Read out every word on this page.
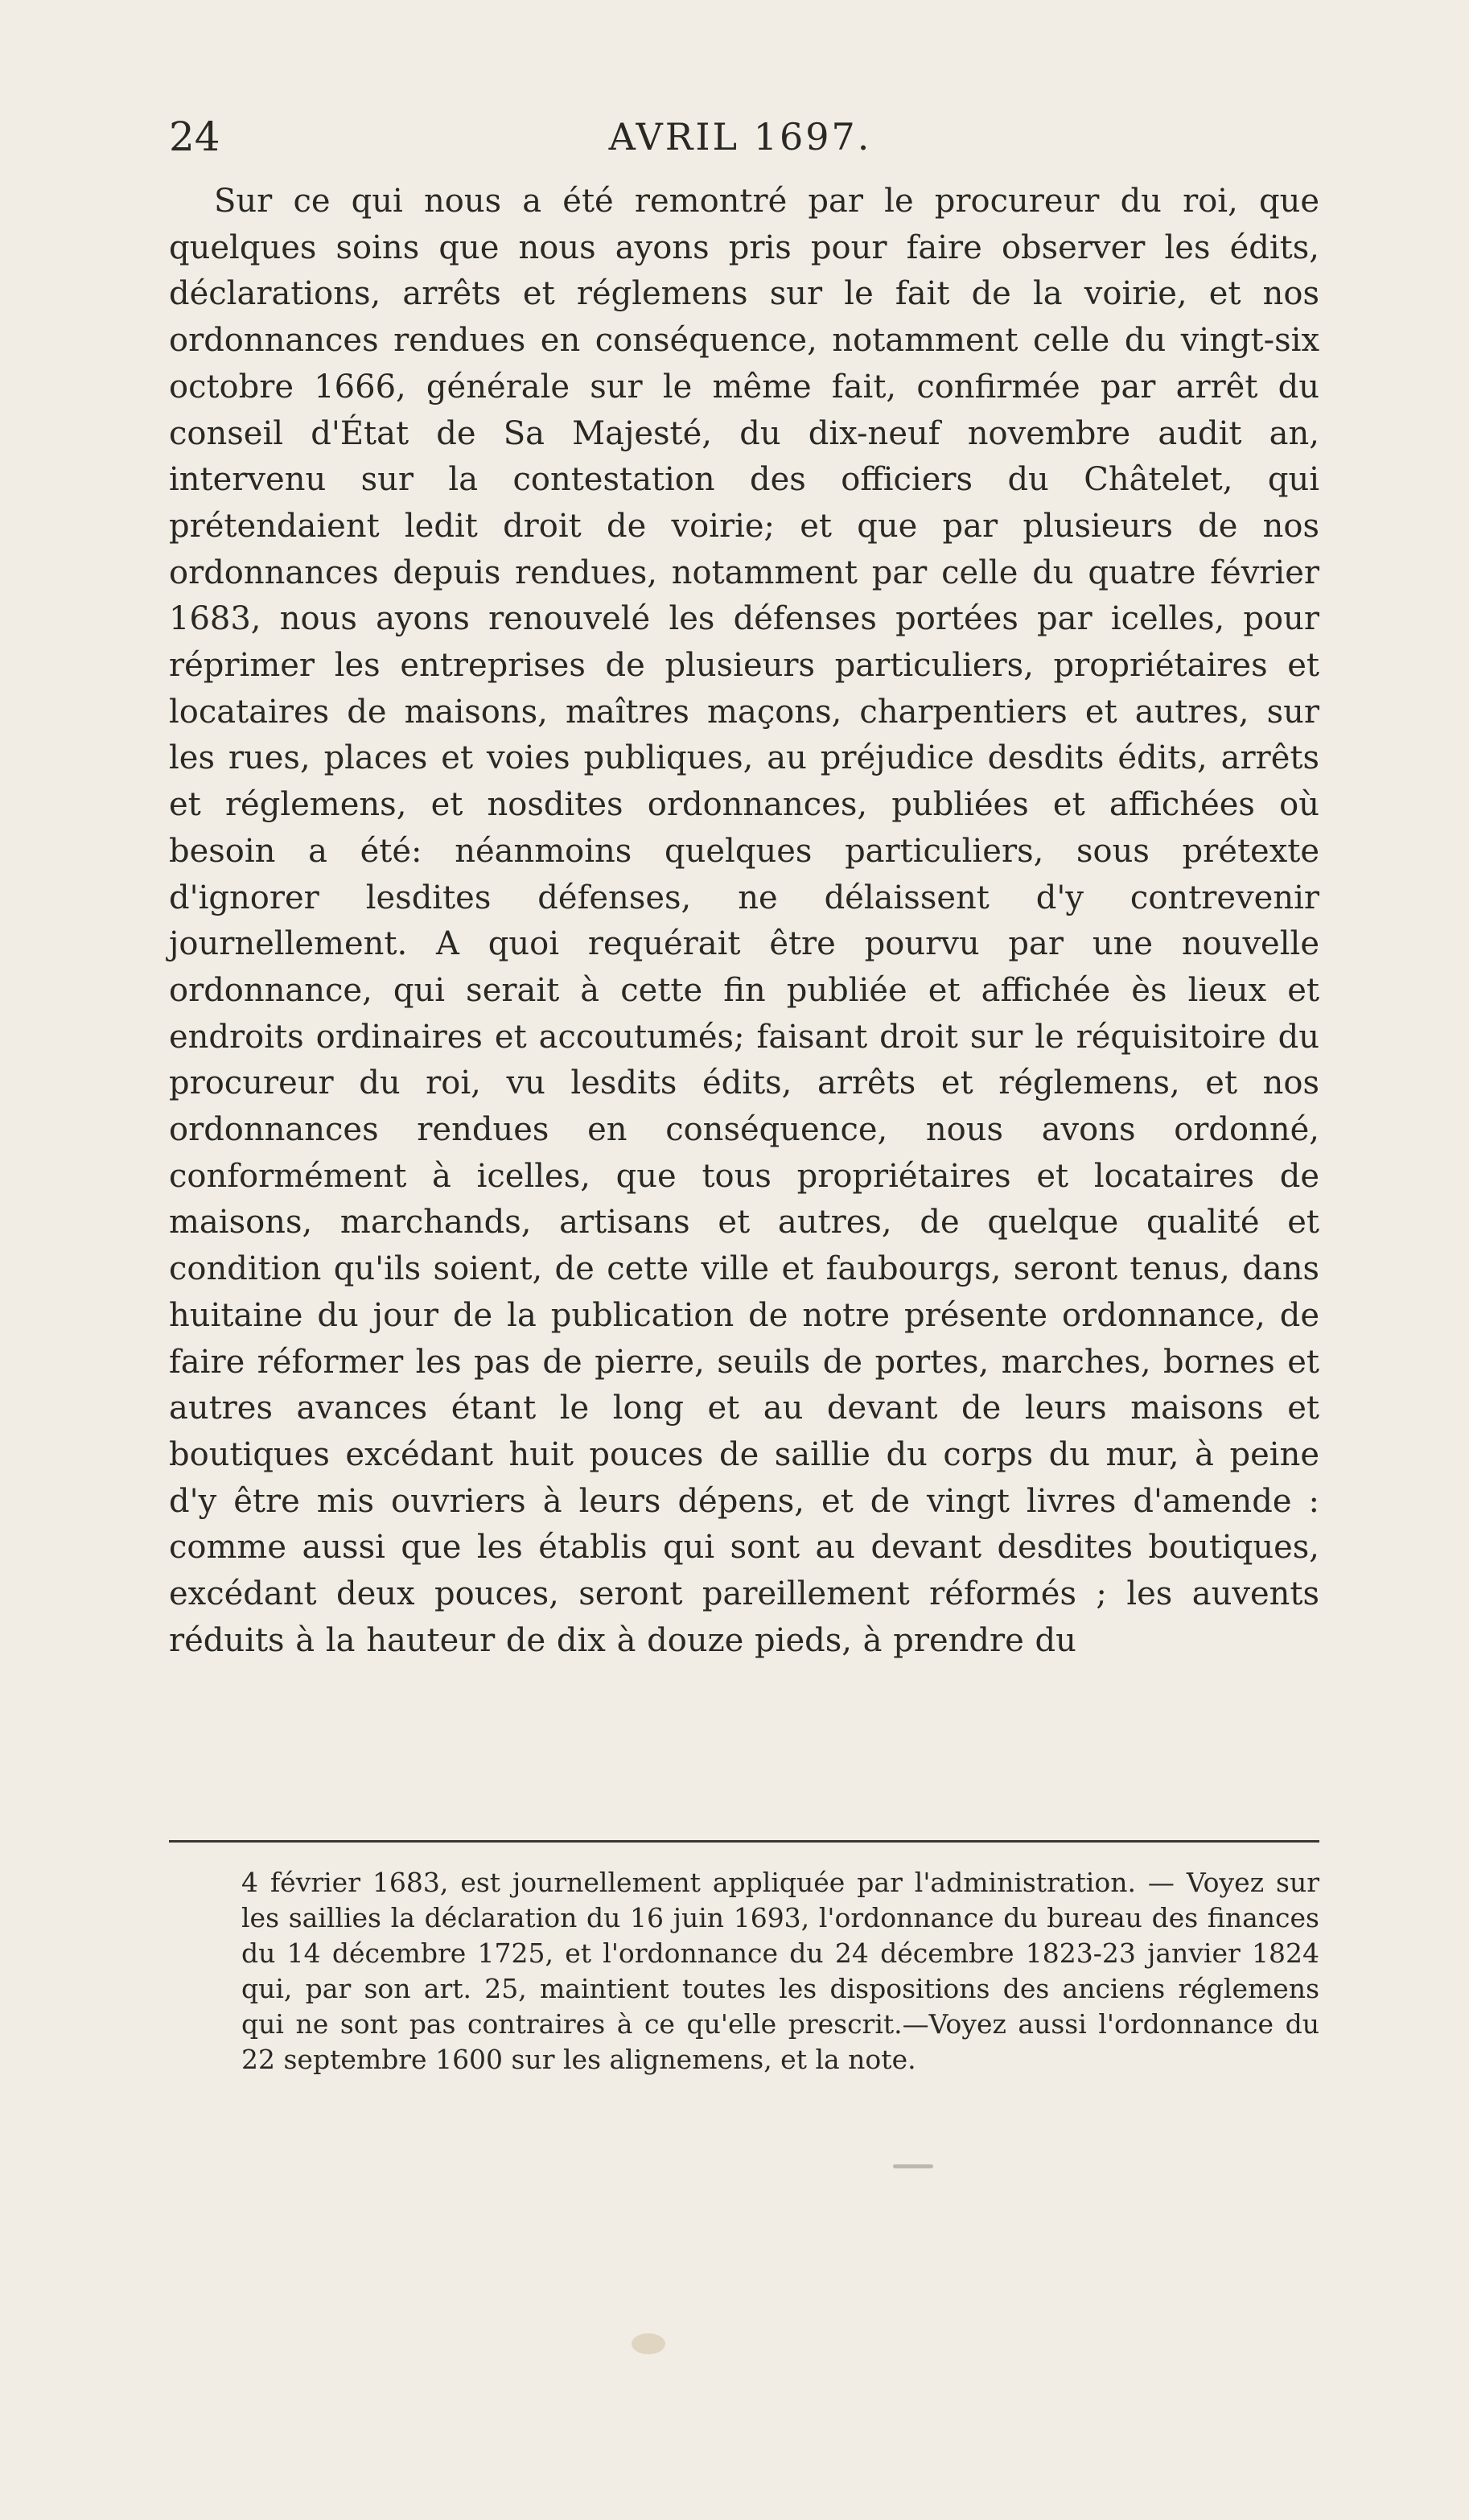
24	AVRIL 1697.

Sur ce qui nous a été remontré par le procureur du roi, que quelques soins que nous ayons pris pour faire observer les édits, déclarations, arrêts et réglemens sur le fait de la voirie, et nos ordonnances rendues en conséquence, notamment celle du vingt-six octobre 1666, générale sur le même fait, confirmée par arrêt du conseil d'État de Sa Majesté, du dix-neuf novembre audit an, intervenu sur la contestation des officiers du Châtelet, qui prétendaient ledit droit de voirie; et que par plusieurs de nos ordonnances depuis rendues, notamment par celle du quatre février 1683, nous ayons renouvelé les défenses portées par icelles, pour réprimer les entreprises de plusieurs particuliers, propriétaires et locataires de maisons, maîtres maçons, charpentiers et autres, sur les rues, places et voies publiques, au préjudice desdits édits, arrêts et réglemens, et nosdites ordonnances, publiées et affichées où besoin a été: néanmoins quelques particuliers, sous prétexte d'ignorer lesdites défenses, ne délaissent d'y contrevenir journellement. A quoi requérait être pourvu par une nouvelle ordonnance, qui serait à cette fin publiée et affichée ès lieux et endroits ordinaires et accoutumés; faisant droit sur le réquisitoire du procureur du roi, vu lesdits édits, arrêts et réglemens, et nos ordonnances rendues en conséquence, nous avons ordonné, conformément à icelles, que tous propriétaires et locataires de maisons, marchands, artisans et autres, de quelque qualité et condition qu'ils soient, de cette ville et faubourgs, seront tenus, dans huitaine du jour de la publication de notre présente ordonnance, de faire réformer les pas de pierre, seuils de portes, marches, bornes et autres avances étant le long et au devant de leurs maisons et boutiques excédant huit pouces de saillie du corps du mur, à peine d'y être mis ouvriers à leurs dépens, et de vingt livres d'amende : comme aussi que les établis qui sont au devant desdites boutiques, excédant deux pouces, seront pareillement réformés ; les auvents réduits à la hauteur de dix à douze pieds, à prendre du

4 février 1683, est journellement appliquée par l'administration. — Voyez sur les saillies la déclaration du 16 juin 1693, l'ordonnance du bureau des finances du 14 décembre 1725, et l'ordonnance du 24 décembre 1823-23 janvier 1824 qui, par son art. 25, maintient toutes les dispositions des anciens réglemens qui ne sont pas contraires à ce qu'elle prescrit.—Voyez aussi l'ordonnance du 22 septembre 1600 sur les alignemens, et la note.
